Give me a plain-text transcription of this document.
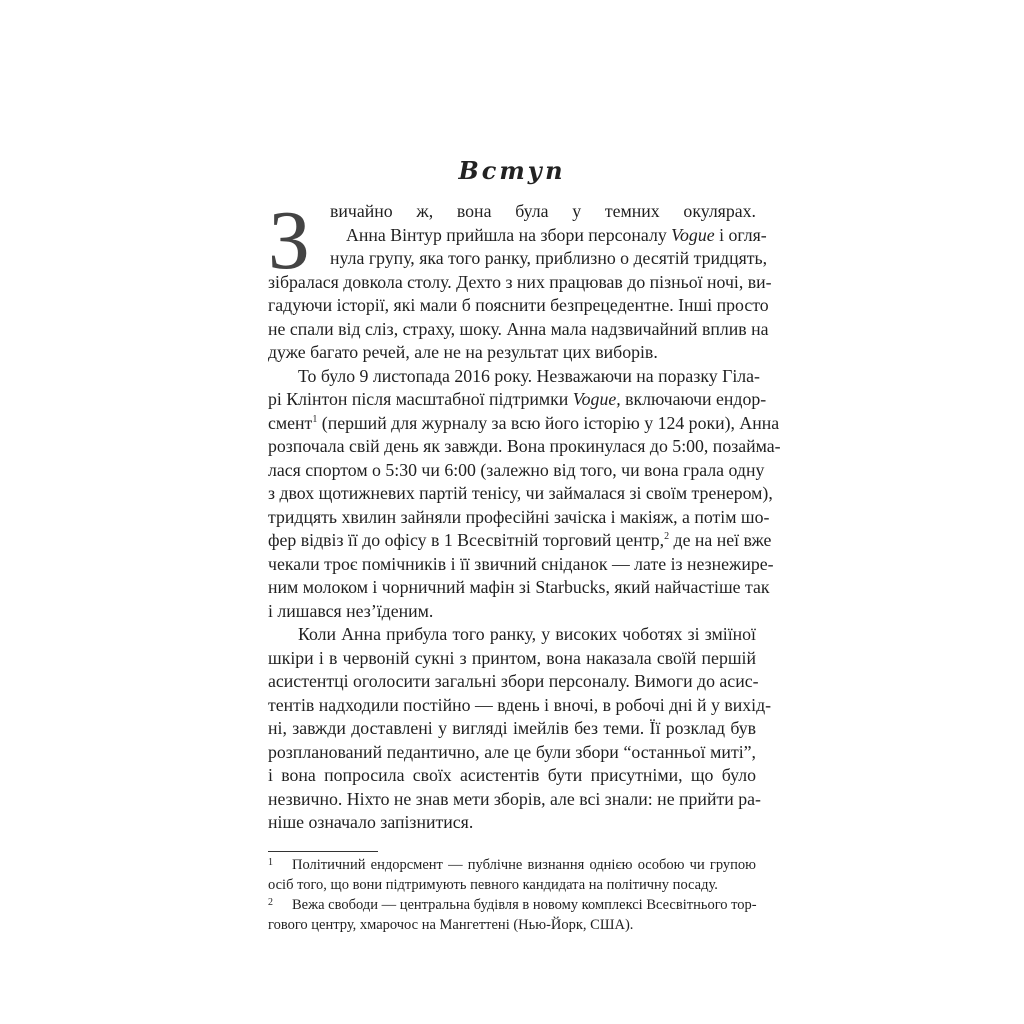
Вступ
З	вичайно ж, вона була у темних окулярах.
Анна Вінтур прийшла на збори персоналу Vogue і огля-
нула групу, яка того ранку, приблизно о десятій тридцять,
зібралася довкола столу. Дехто з них працював до пізньої ночі, ви-
гадуючи історії, які мали б пояснити безпрецедентне. Інші просто
не спали від сліз, страху, шоку. Анна мала надзвичайний вплив на
дуже багато речей, але не на результат цих виборів.
То було 9 листопада 2016 року. Незважаючи на поразку Гіла-
рі Клінтон після масштабної підтримки Vogue, включаючи ендор-
смент$^1$ (перший для журналу за всю його історію у 124 роки), Анна
розпочала свій день як завжди. Вона прокинулася до 5:00, позайма-
лася спортом о 5:30 чи 6:00 (залежно від того, чи вона грала одну
з двох щотижневих партій тенісу, чи займалася зі своїм тренером),
тридцять хвилин зайняли професійні зачіска і макіяж, а потім шо-
фер відвіз її до офісу в 1 Всесвітній торговий центр,$^2$ де на неї вже
чекали троє помічників і її звичний сніданок — лате із незнежире-
ним молоком і чорничний мафін зі Starbucks, який найчастіше так
і лишався нез’їденим.
Коли Анна прибула того ранку, у високих чоботях зі зміїної
шкіри і в червоній сукні з принтом, вона наказала своїй першій
асистентці оголосити загальні збори персоналу. Вимоги до асис-
тентів надходили постійно — вдень і вночі, в робочі дні й у вихід-
ні, завжди доставлені у вигляді імейлів без теми. Її розклад був
розпланований педантично, але це були збори “останньої миті”,
і вона попросила своїх асистентів бути присутніми, що було
незвично. Ніхто не знав мети зборів, але всі знали: не прийти ра-
ніше означало запізнитися.
1 Політичний ендорсмент — публічне визнання однією особою чи групою
осіб того, що вони підтримують певного кандидата на політичну посаду.
2 Вежа свободи — центральна будівля в новому комплексі Всесвітнього тор-
гового центру, хмарочос на Мангеттені (Нью-Йорк, США).
